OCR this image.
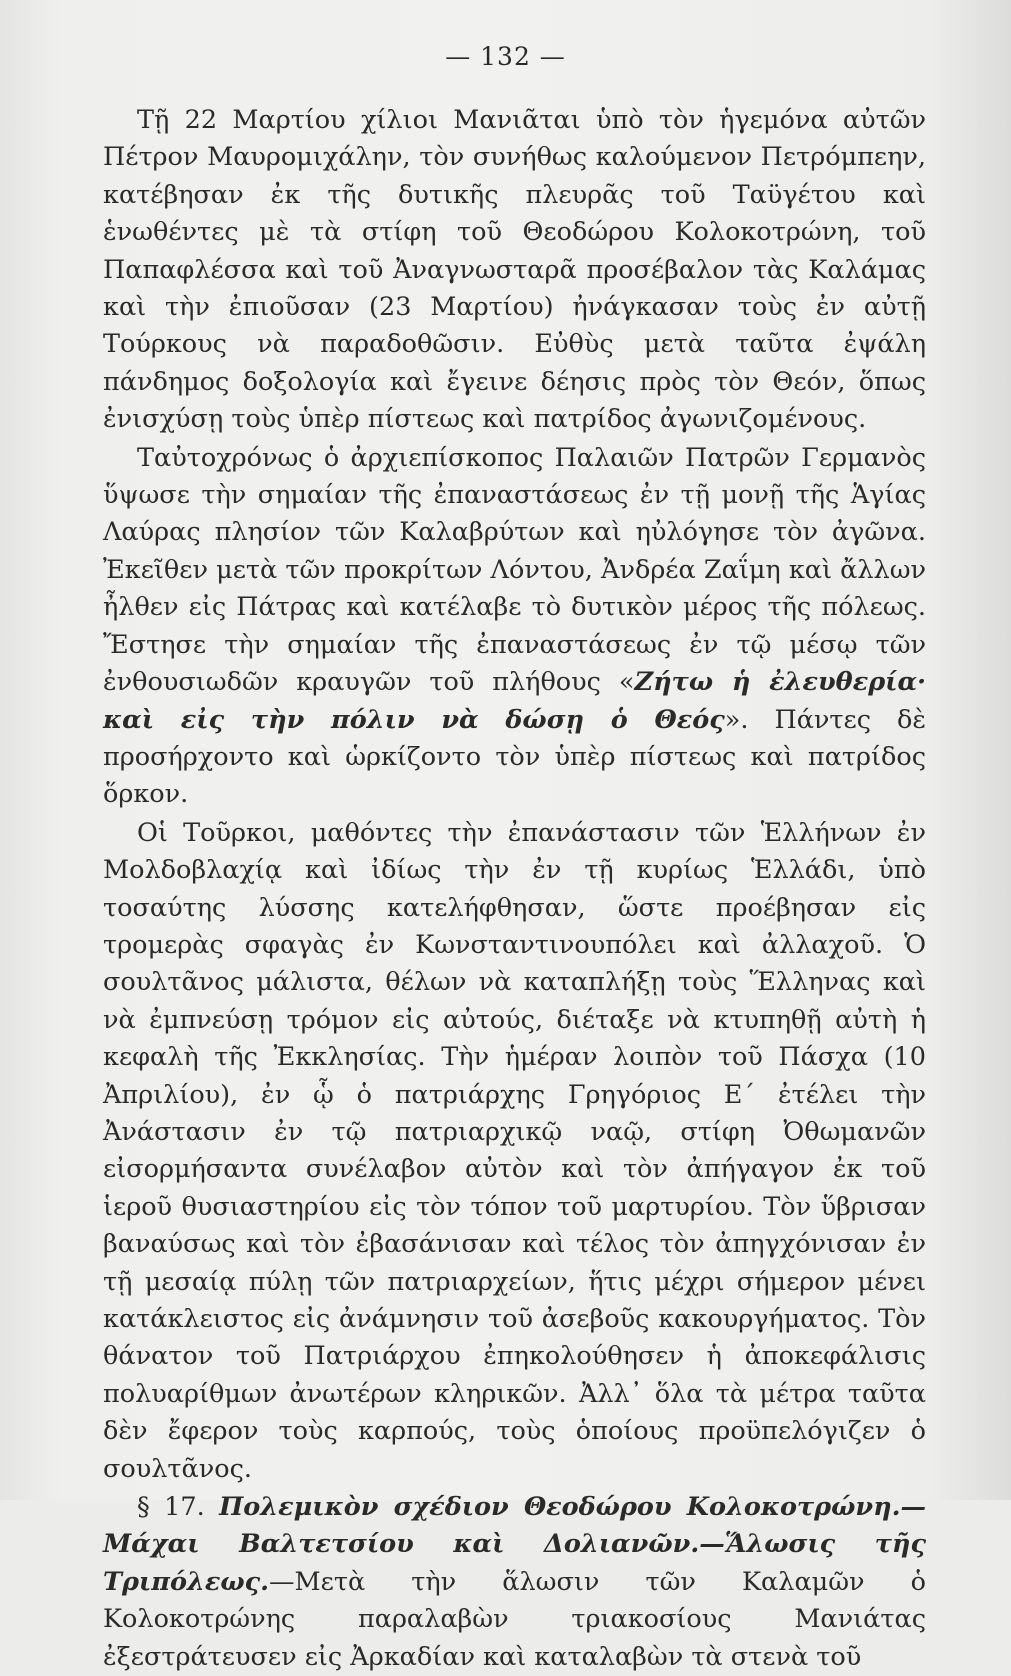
— 132 —

Τῇ 22 Μαρτίου χίλιοι Μανιᾶται ὑπὸ τὸν ἡγεμόνα αὐτῶν Πέτρον Μαυρομιχάλην, τὸν συνήθως καλούμενον Πετρόμπεην, κατέβησαν ἐκ τῆς δυτικῆς πλευρᾶς τοῦ Ταϋγέτου καὶ ἑνωθέντες μὲ τὰ στίφη τοῦ Θεοδώρου Κολοκοτρώνη, τοῦ Παπαφλέσσα καὶ τοῦ Ἀναγνωσταρᾶ προσέβαλον τὰς Καλάμας καὶ τὴν ἐπιοῦσαν (23 Μαρτίου) ἠνάγκασαν τοὺς ἐν αὐτῇ Τούρκους νὰ παραδοθῶσιν. Εὐθὺς μετὰ ταῦτα ἐψάλη πάνδημος δοξολογία καὶ ἔγεινε δέησις πρὸς τὸν Θεόν, ὅπως ἐνισχύσῃ τοὺς ὑπὲρ πίστεως καὶ πατρίδος ἀγωνιζομένους.

Ταὐτοχρόνως ὁ ἀρχιεπίσκοπος Παλαιῶν Πατρῶν Γερμανὸς ὕψωσε τὴν σημαίαν τῆς ἐπαναστάσεως ἐν τῇ μονῇ τῆς Ἁγίας Λαύρας πλησίον τῶν Καλαβρύτων καὶ ηὐλόγησε τὸν ἀγῶνα. Ἐκεῖθεν μετὰ τῶν προκρίτων Λόντου, Ἀνδρέα Ζαΐμη καὶ ἄλλων ἦλθεν εἰς Πάτρας καὶ κατέλαβε τὸ δυτικὸν μέρος τῆς πόλεως. Ἔστησε τὴν σημαίαν τῆς ἐπαναστάσεως ἐν τῷ μέσῳ τῶν ἐνθουσιωδῶν κραυγῶν τοῦ πλήθους «Ζήτω ἡ ἐλευθερία· καὶ εἰς τὴν πόλιν νὰ δώσῃ ὁ Θεός». Πάντες δὲ προσήρχοντο καὶ ὡρκίζοντο τὸν ὑπὲρ πίστεως καὶ πατρίδος ὅρκον.

Οἱ Τοῦρκοι, μαθόντες τὴν ἐπανάστασιν τῶν Ἑλλήνων ἐν Μολδοβλαχίᾳ καὶ ἰδίως τὴν ἐν τῇ κυρίως Ἑλλάδι, ὑπὸ τοσαύτης λύσσης κατελήφθησαν, ὥστε προέβησαν εἰς τρομερὰς σφαγὰς ἐν Κωνσταντινουπόλει καὶ ἀλλαχοῦ. Ὁ σουλτᾶνος μάλιστα, θέλων νὰ καταπλήξῃ τοὺς Ἕλληνας καὶ νὰ ἐμπνεύσῃ τρόμον εἰς αὐτούς, διέταξε νὰ κτυπηθῇ αὐτὴ ἡ κεφαλὴ τῆς Ἐκκλησίας. Τὴν ἡμέραν λοιπὸν τοῦ Πάσχα (10 Ἀπριλίου), ἐν ᾧ ὁ πατριάρχης Γρηγόριος Ε΄ ἐτέλει τὴν Ἀνάστασιν ἐν τῷ πατριαρχικῷ ναῷ, στίφη Ὀθωμανῶν εἰσορμήσαντα συνέλαβον αὐτὸν καὶ τὸν ἀπήγαγον ἐκ τοῦ ἱεροῦ θυσιαστηρίου εἰς τὸν τόπον τοῦ μαρτυρίου. Τὸν ὕβρισαν βαναύσως καὶ τὸν ἐβασάνισαν καὶ τέλος τὸν ἀπηγχόνισαν ἐν τῇ μεσαίᾳ πύλῃ τῶν πατριαρχείων, ἥτις μέχρι σήμερον μένει κατάκλειστος εἰς ἀνάμνησιν τοῦ ἀσεβοῦς κακουργήματος. Τὸν θάνατον τοῦ Πατριάρχου ἐπηκολούθησεν ἡ ἀποκεφάλισις πολυαρίθμων ἀνωτέρων κληρικῶν. Ἀλλ᾽ ὅλα τὰ μέτρα ταῦτα δὲν ἔφερον τοὺς καρπούς, τοὺς ὁποίους προϋπελόγιζεν ὁ σουλτᾶνος.

§ 17. Πολεμικὸν σχέδιον Θεοδώρου Κολοκοτρώνη.— Μάχαι Βαλτετσίου καὶ Δολιανῶν.—Ἅλωσις τῆς Τριπόλεως.—Μετὰ τὴν ἅλωσιν τῶν Καλαμῶν ὁ Κολοκοτρώνης παραλαβὼν τριακοσίους Μανιάτας ἐξεστράτευσεν εἰς Ἀρκαδίαν καὶ καταλαβὼν τὰ στενὰ τοῦ
